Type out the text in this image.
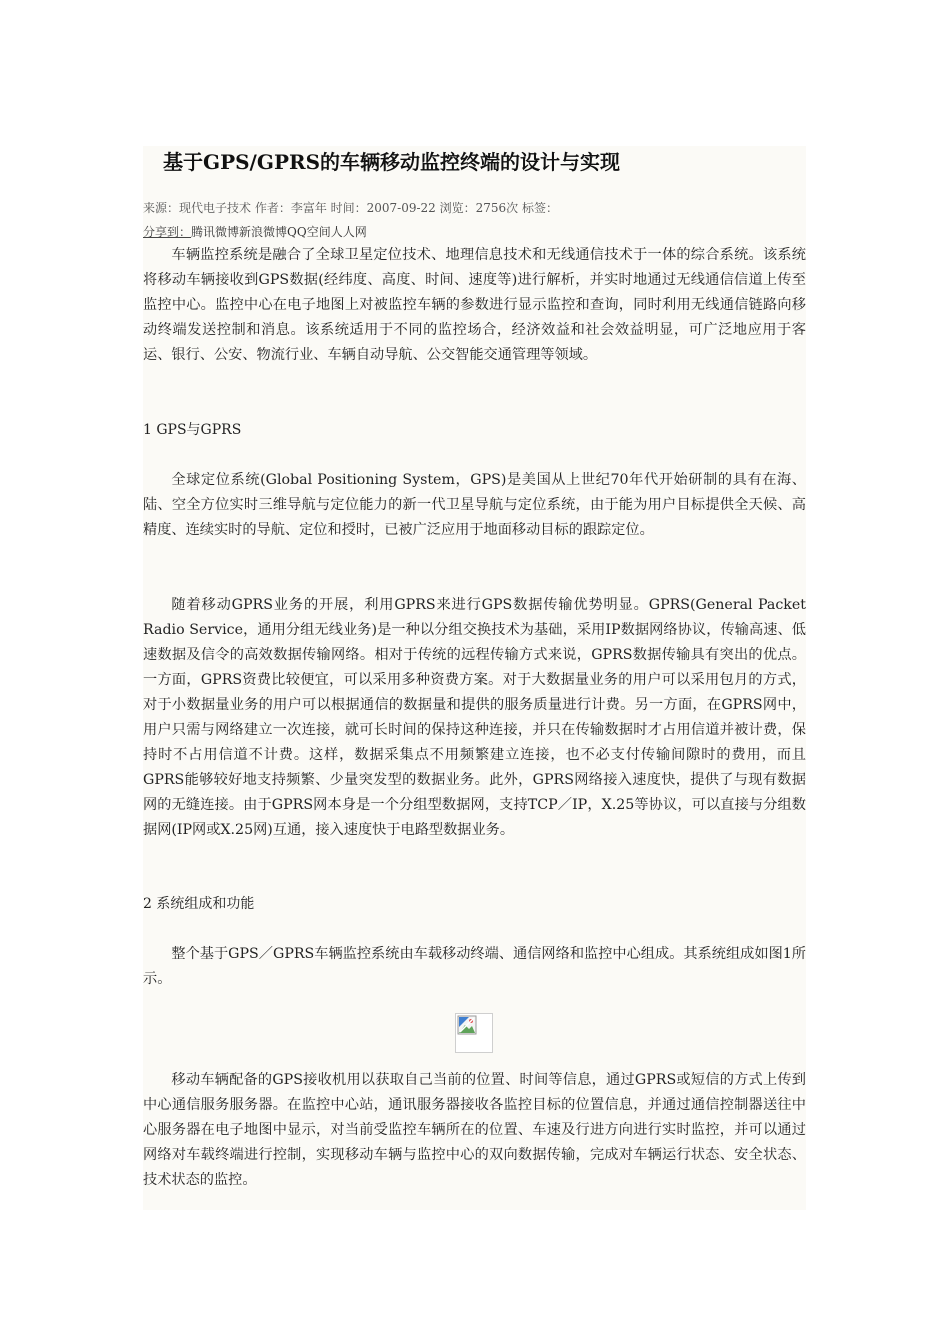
基于GPS/GPRS的车辆移动监控终端的设计与实现
来源：现代电子技术 作者：李富年 时间：2007-09-22 浏览：2756次 标签：
分享到：腾讯微博新浪微博QQ空间人人网

车辆监控系统是融合了全球卫星定位技术、地理信息技术和无线通信技术于一体的综合系统。该系统将移动车辆接收到GPS数据(经纬度、高度、时间、速度等)进行解析，并实时地通过无线通信信道上传至监控中心。监控中心在电子地图上对被监控车辆的参数进行显示监控和查询，同时利用无线通信链路向移动终端发送控制和消息。该系统适用于不同的监控场合，经济效益和社会效益明显，可广泛地应用于客运、银行、公安、物流行业、车辆自动导航、公交智能交通管理等领域。

1 GPS与GPRS

全球定位系统(Global Positioning System，GPS)是美国从上世纪70年代开始研制的具有在海、陆、空全方位实时三维导航与定位能力的新一代卫星导航与定位系统，由于能为用户目标提供全天候、高精度、连续实时的导航、定位和授时，已被广泛应用于地面移动目标的跟踪定位。

随着移动GPRS业务的开展，利用GPRS来进行GPS数据传输优势明显。GPRS(General Packet Radio Service，通用分组无线业务)是一种以分组交换技术为基础，采用IP数据网络协议，传输高速、低速数据及信令的高效数据传输网络。相对于传统的远程传输方式来说，GPRS数据传输具有突出的优点。一方面，GPRS资费比较便宜，可以采用多种资费方案。对于大数据量业务的用户可以采用包月的方式，对于小数据量业务的用户可以根据通信的数据量和提供的服务质量进行计费。另一方面，在GPRS网中，用户只需与网络建立一次连接，就可长时间的保持这种连接，并只在传输数据时才占用信道并被计费，保持时不占用信道不计费。这样，数据采集点不用频繁建立连接，也不必支付传输间隙时的费用，而且GPRS能够较好地支持频繁、少量突发型的数据业务。此外，GPRS网络接入速度快，提供了与现有数据网的无缝连接。由于GPRS网本身是一个分组型数据网，支持TCP／IP，X.25等协议，可以直接与分组数据网(IP网或X.25网)互通，接入速度快于电路型数据业务。

2 系统组成和功能

整个基于GPS／GPRS车辆监控系统由车载移动终端、通信网络和监控中心组成。其系统组成如图1所示。

移动车辆配备的GPS接收机用以获取自己当前的位置、时间等信息，通过GPRS或短信的方式上传到中心通信服务服务器。在监控中心站，通讯服务器接收各监控目标的位置信息，并通过通信控制器送往中心服务器在电子地图中显示，对当前受监控车辆所在的位置、车速及行进方向进行实时监控，并可以通过网络对车载终端进行控制，实现移动车辆与监控中心的双向数据传输，完成对车辆运行状态、安全状态、技术状态的监控。
